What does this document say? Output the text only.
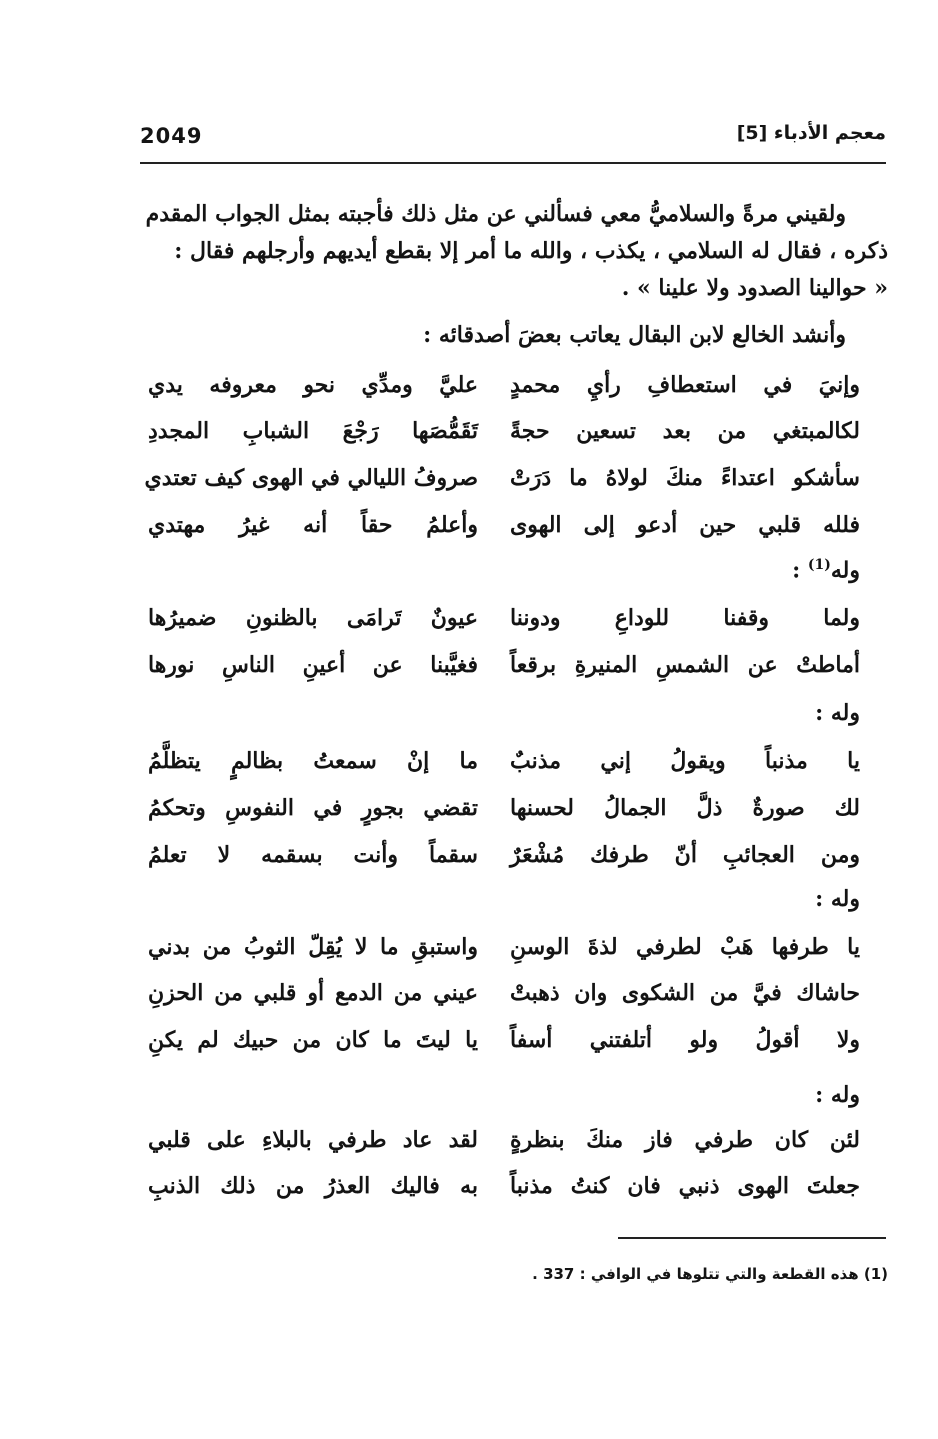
2049	معجم الأدباء [5]

ولقيني مرةً والسلاميُّ معي فسألني عن مثل ذلك فأجبته بمثل الجواب المقدم

ذكره ، فقال له السلامي ، يكذب ، والله ما أمر إلا بقطع أيديهم وأرجلهم فقال :

« حوالينا الصدود ولا علينا » .

وأنشد الخالع لابن البقال يعاتب بعضَ أصدقائه :
وإنيَ في استعطافِ رأيِ محمدٍ
عليَّ ومدِّي نحو معروفه يدي
لكالمبتغي من بعد تسعين حجةً
تَقَمُّصَها رَجْعَ الشبابِ المجددِ
سأشكو اعتداءً منكَ لولاهُ ما دَرَتْ
صروفُ الليالي في الهوى كيف تعتدي
فلله قلبي حين أدعو إلى الهوى
وأعلمُ حقاً أنه غيرُ مهتدي
وله$^{(1)}$ :
ولما وقفنا للوداعِ ودوننا
عيونٌ تَرامَى بالظنونِ ضميرُها
أماطتْ عن الشمسِ المنيرةِ برقعاً
فغيَّبنا عن أعينِ الناسِ نورها
وله :
يا مذنباً ويقولُ إني مذنبٌ
ما إنْ سمعتُ بظالمٍ يتظلَّمُ
لك صورةٌ ذلَّ الجمالُ لحسنها
تقضي بجورٍ في النفوسِ وتحكمُ
ومن العجائبِ أنّ طرفك مُشْعَرٌ
سقماً وأنت بسقمه لا تعلمُ
وله :
يا طرفها هَبْ لطرفي لذةَ الوسنِ
واستبقِ ما لا يُقِلّ الثوبُ من بدني
حاشاك فيَّ من الشكوى وان ذهبتْ
عيني من الدمع أو قلبي من الحزنِ
ولا أقولُ ولو أتلفتني أسفاً
يا ليتَ ما كان من حبيك لم يكنِ
وله :
لئن كان طرفي فاز منكَ بنظرةٍ
لقد عاد طرفي بالبلاءِ على قلبي
جعلتَ الهوى ذنبي فان كنتُ مذنباً
به فاليك العذرُ من ذلك الذنبِ
(1) هذه القطعة والتي تتلوها في الوافي : 337 .
